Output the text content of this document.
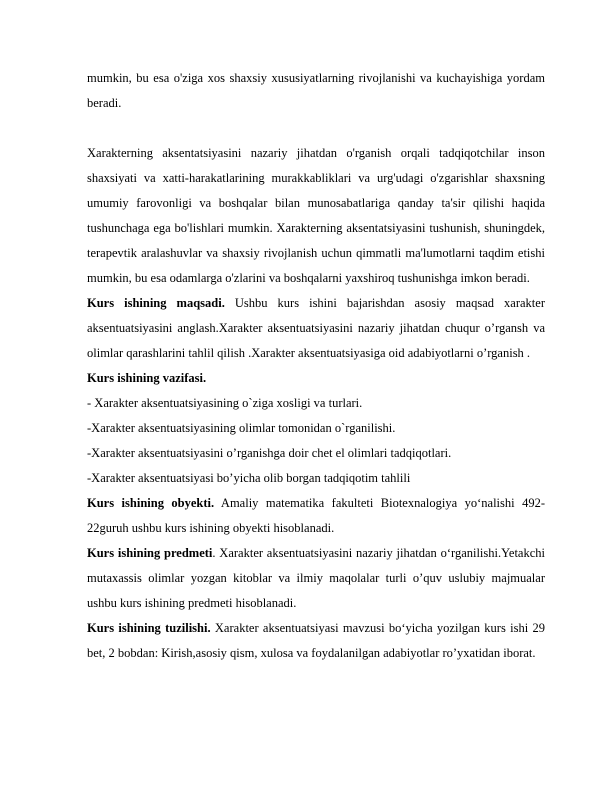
mumkin, bu esa o'ziga xos shaxsiy xususiyatlarning rivojlanishi va kuchayishiga yordam beradi.

Xarakterning aksentatsiyasini nazariy jihatdan o'rganish orqali tadqiqotchilar inson shaxsiyati va xatti-harakatlarining murakkabliklari va urg'udagi o'zgarishlar shaxsning umumiy farovonligi va boshqalar bilan munosabatlariga qanday ta'sir qilishi haqida tushunchaga ega bo'lishlari mumkin. Xarakterning aksentatsiyasini tushunish, shuningdek, terapevtik aralashuvlar va shaxsiy rivojlanish uchun qimmatli ma'lumotlarni taqdim etishi mumkin, bu esa odamlarga o'zlarini va boshqalarni yaxshiroq tushunishga imkon beradi.

Kurs ishining maqsadi. Ushbu kurs ishini bajarishdan asosiy maqsad xarakter aksentuatsiyasini anglash.Xarakter aksentuatsiyasini nazariy jihatdan chuqur o’rgansh va olimlar qarashlarini tahlil qilish .Xarakter aksentuatsiyasiga oid adabiyotlarni o’rganish .

Kurs ishining vazifasi.

- Xarakter aksentuatsiyasining o`ziga xosligi va turlari.

-Xarakter aksentuatsiyasining olimlar tomonidan o`rganilishi.

-Xarakter aksentuatsiyasini o’rganishga doir chet el olimlari tadqiqotlari.

-Xarakter aksentuatsiyasi bo’yicha olib borgan tadqiqotim tahlili

Kurs ishining obyekti. Amaliy matematika fakulteti Biotexnalogiya yo‘nalishi 492-22guruh ushbu kurs ishining obyekti hisoblanadi.

Kurs ishining predmeti. Xarakter aksentuatsiyasini nazariy jihatdan o‘rganilishi.Yetakchi mutaxassis olimlar yozgan kitoblar va ilmiy maqolalar turli o’quv uslubiy majmualar ushbu kurs ishining predmeti hisoblanadi.

Kurs ishining tuzilishi. Xarakter aksentuatsiyasi mavzusi bo‘yicha yozilgan kurs ishi 29 bet, 2 bobdan: Kirish,asosiy qism, xulosa va foydalanilgan adabiyotlar ro’yxatidan iborat.
